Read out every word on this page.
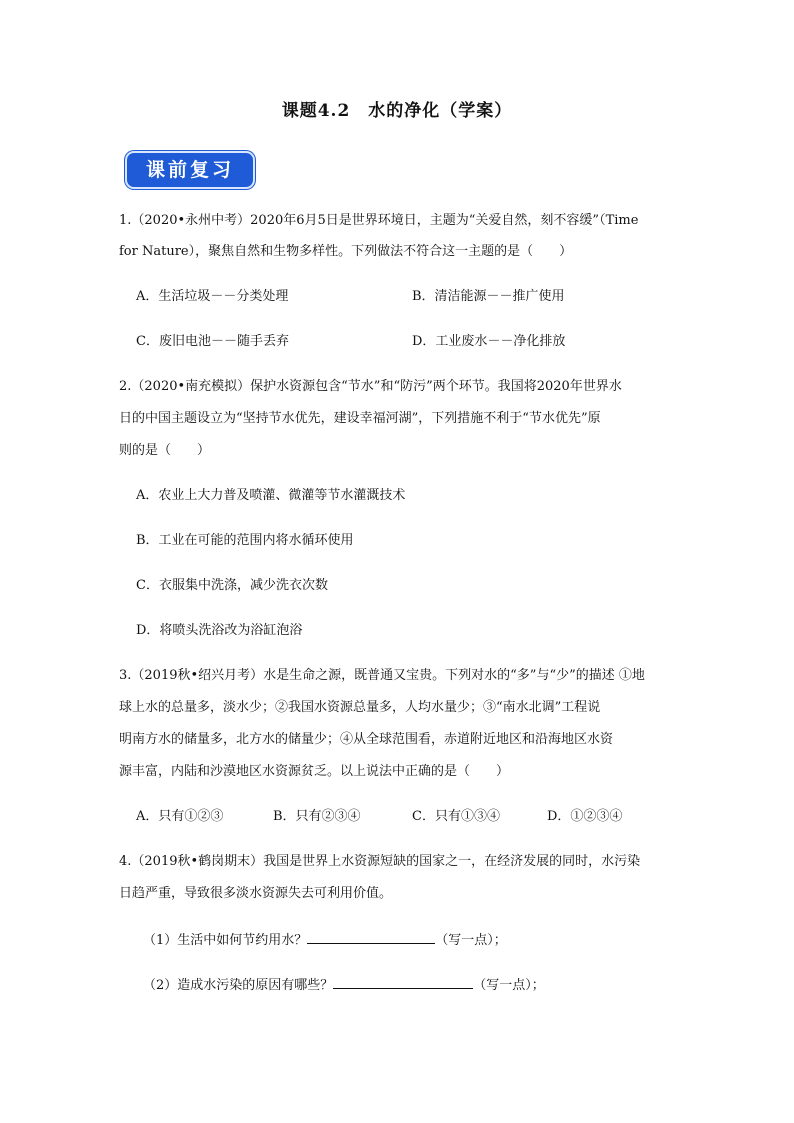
课题4.2　水的净化（学案）
课前复习
1.（2020•永州中考）2020年6月5日是世界环境日，主题为“关爱自然，刻不容缓”（Time
for Nature），聚焦自然和生物多样性。下列做法不符合这一主题的是（　　）
A．生活垃圾－－分类处理	B．清洁能源－－推广使用
C．废旧电池－－随手丢弃	D．工业废水－－净化排放
2.（2020•南充模拟）保护水资源包含“节水”和“防污”两个环节。我国将2020年世界水
日的中国主题设立为“坚持节水优先，建设幸福河湖”，下列措施不利于“节水优先”原
则的是（　　）
A．农业上大力普及喷灌、微灌等节水灌溉技术
B．工业在可能的范围内将水循环使用
C．衣服集中洗涤，减少洗衣次数
D．将喷头洗浴改为浴缸泡浴
3.（2019秋•绍兴月考）水是生命之源，既普通又宝贵。下列对水的“多”与“少”的描述 ①地
球上水的总量多，淡水少；②我国水资源总量多，人均水量少；③“南水北调”工程说
明南方水的储量多，北方水的储量少；④从全球范围看，赤道附近地区和沿海地区水资
源丰富，内陆和沙漠地区水资源贫乏。以上说法中正确的是（　　）
A．只有①②③	B．只有②③④	C．只有①③④	D．①②③④
4.（2019秋•鹤岗期末）我国是世界上水资源短缺的国家之一，在经济发展的同时，水污染
日趋严重，导致很多淡水资源失去可利用价值。
（1）生活中如何节约用水？	（写一点）；
（2）造成水污染的原因有哪些？	（写一点）；
